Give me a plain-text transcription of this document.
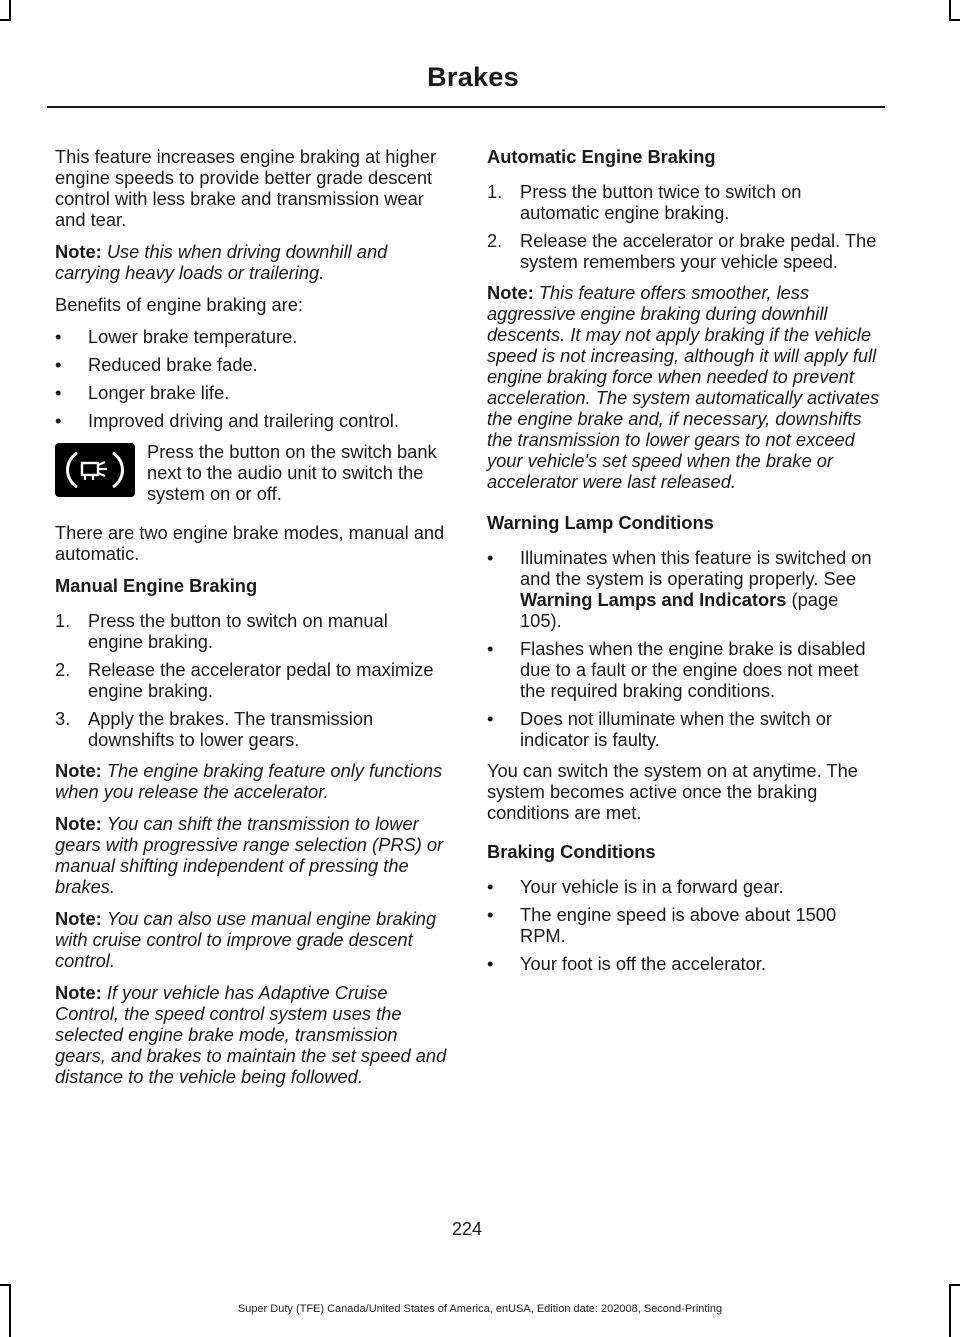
Brakes

This feature increases engine braking at higher engine speeds to provide better grade descent control with less brake and transmission wear and tear.

Note: Use this when driving downhill and carrying heavy loads or trailering.

Benefits of engine braking are:

• Lower brake temperature.
• Reduced brake fade.
• Longer brake life.
• Improved driving and trailering control.
Press the button on the switch bank next to the audio unit to switch the system on or off.

There are two engine brake modes, manual and automatic.

Manual Engine Braking
1. Press the button to switch on manual engine braking.
2. Release the accelerator pedal to maximize engine braking.
3. Apply the brakes. The transmission downshifts to lower gears.

Note: The engine braking feature only functions when you release the accelerator.

Note: You can shift the transmission to lower gears with progressive range selection (PRS) or manual shifting independent of pressing the brakes.

Note: You can also use manual engine braking with cruise control to improve grade descent control.

Note: If your vehicle has Adaptive Cruise Control, the speed control system uses the selected engine brake mode, transmission gears, and brakes to maintain the set speed and distance to the vehicle being followed.

Automatic Engine Braking
1. Press the button twice to switch on automatic engine braking.
2. Release the accelerator or brake pedal. The system remembers your vehicle speed.

Note: This feature offers smoother, less aggressive engine braking during downhill descents. It may not apply braking if the vehicle speed is not increasing, although it will apply full engine braking force when needed to prevent acceleration. The system automatically activates the engine brake and, if necessary, downshifts the transmission to lower gears to not exceed your vehicle's set speed when the brake or accelerator were last released.

Warning Lamp Conditions
• Illuminates when this feature is switched on and the system is operating properly. See Warning Lamps and Indicators (page 105).
• Flashes when the engine brake is disabled due to a fault or the engine does not meet the required braking conditions.
• Does not illuminate when the switch or indicator is faulty.

You can switch the system on at anytime. The system becomes active once the braking conditions are met.

Braking Conditions
• Your vehicle is in a forward gear.
• The engine speed is above about 1500 RPM.
• Your foot is off the accelerator.
224
Super Duty (TFE) Canada/United States of America, enUSA, Edition date: 202008, Second-Printing
